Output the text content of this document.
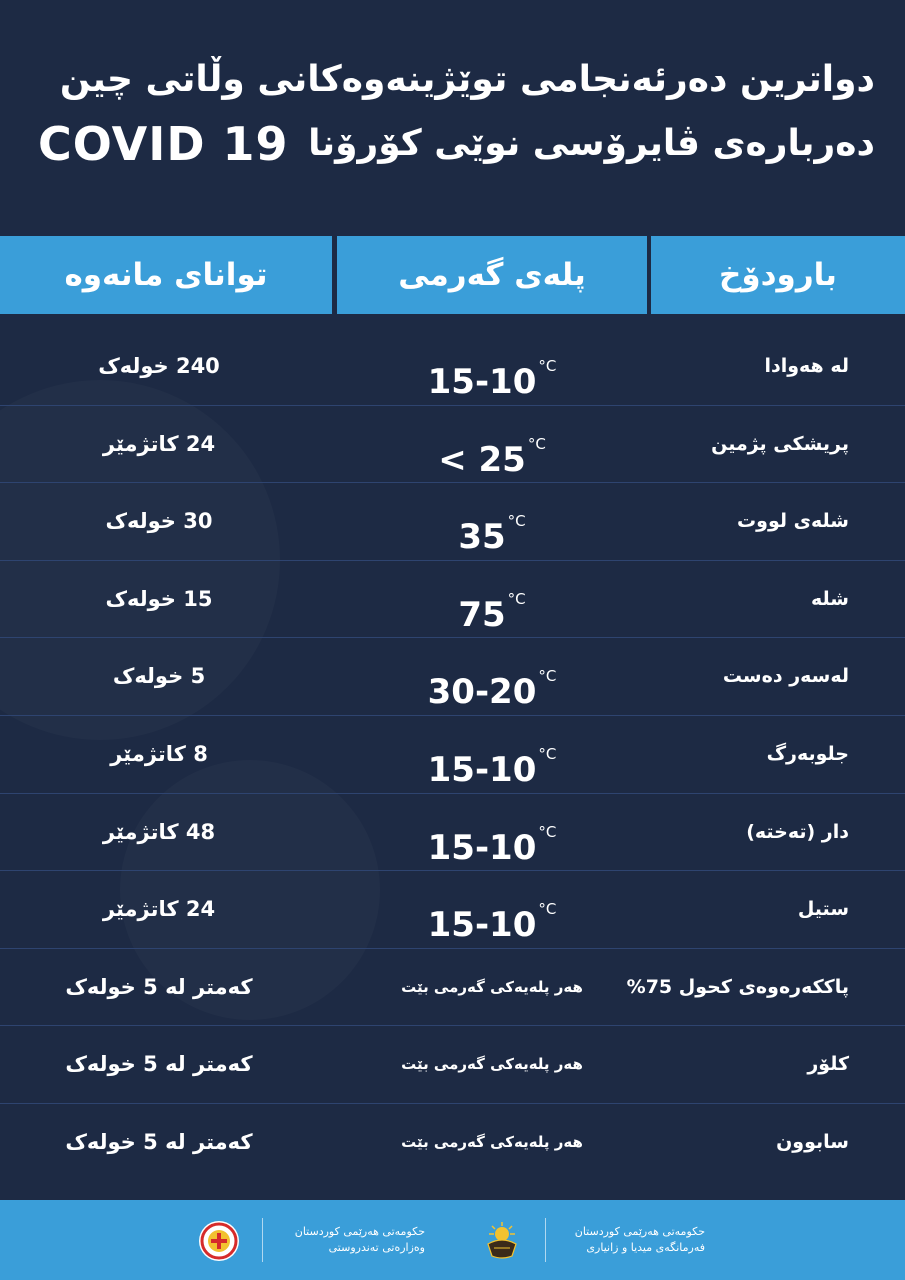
دواترین دەرئەنجامی توێژینەوەکانی وڵاتی چین
COVID 19 دەربارەی ڤایرۆسی نوێی کۆرۆنا
بارودۆخ
پلەی گەرمی
توانای مانەوە
لە هەوادا
15-10 $^{^\circ C}$
240 خولەک
پریشکی پژمین
< 25 $^{^\circ C}$
24 کاتژمێر
شلەی لووت
35 $^{^\circ C}$
30 خولەک
شلە
75 $^{^\circ C}$
15 خولەک
لەسەر دەست
30-20 $^{^\circ C}$
5 خولەک
جلوبەرگ
15-10 $^{^\circ C}$
8 کاتژمێر
دار (تەختە)
15-10 $^{^\circ C}$
48 کاتژمێر
ستیل
15-10 $^{^\circ C}$
24 کاتژمێر
پاککەرەوەی کحول 75%
هەر پلەیەکی گەرمی بێت
کەمتر لە 5 خولەک
کلۆر
هەر پلەیەکی گەرمی بێت
کەمتر لە 5 خولەک
سابوون
هەر پلەیەکی گەرمی بێت
کەمتر لە 5 خولەک
حکومەتی هەرێمی کوردستان
فەرمانگەی میدیا و زانیاری
حکومەتی هەرێمی کوردستان
وەزارەتی تەندروستی
